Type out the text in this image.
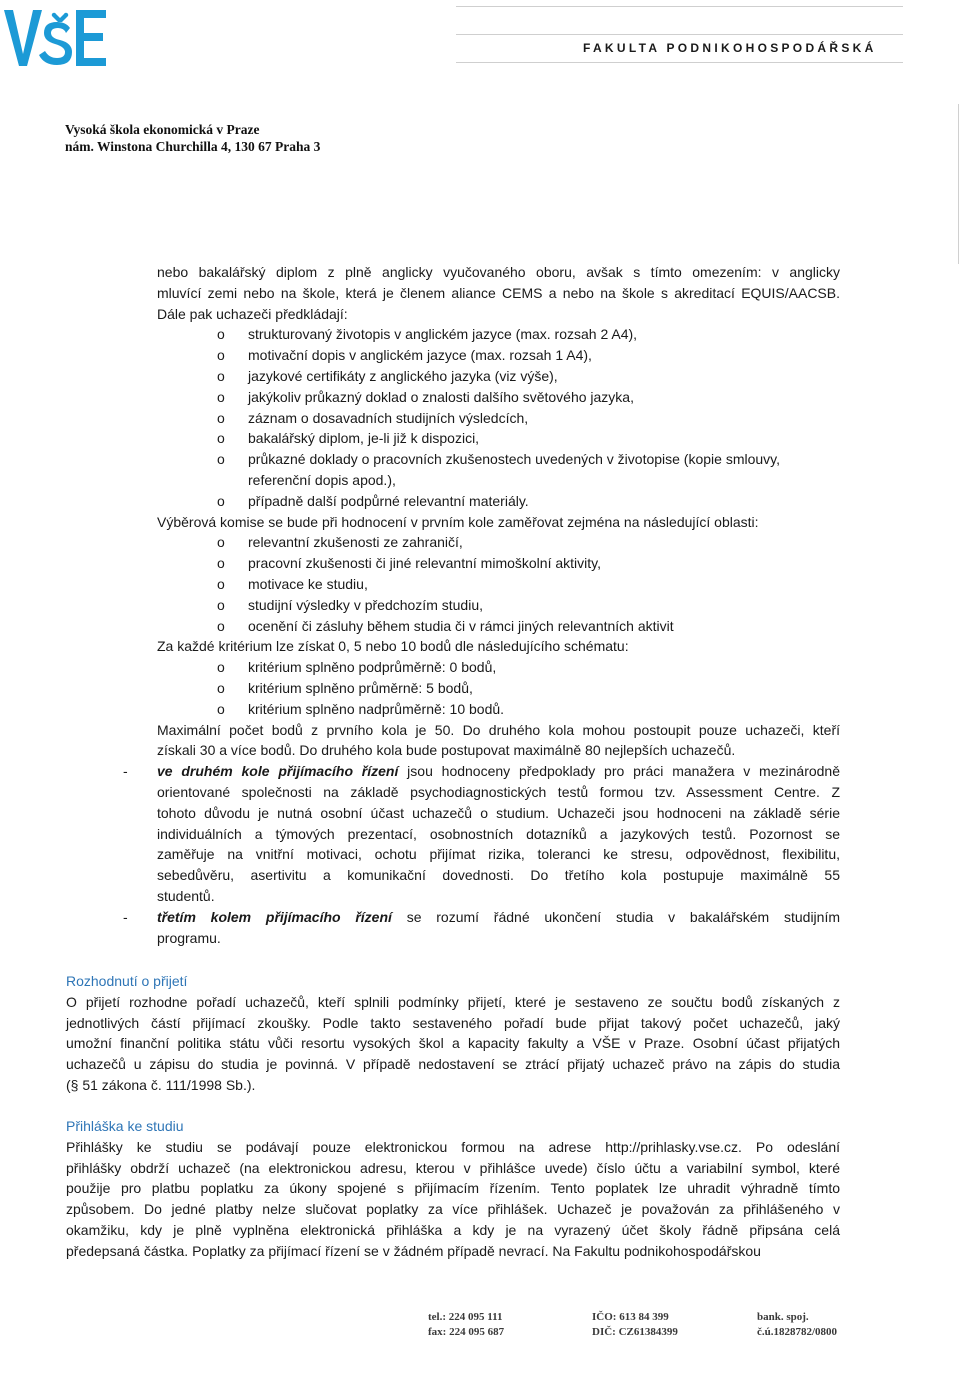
FAKULTA PODNIKOHOSPODÁŘSKÁ
Vysoká škola ekonomická v Praze
nám. Winstona Churchilla 4, 130 67 Praha 3
nebo bakalářský diplom z plně anglicky vyučovaného oboru, avšak s tímto omezením: v anglicky
mluvící zemi nebo na škole, která je členem aliance CEMS a nebo na škole s akreditací EQUIS/AACSB.
Dále pak uchazeči předkládají:
o strukturovaný životopis v anglickém jazyce (max. rozsah 2 A4),
o motivační dopis v anglickém jazyce (max. rozsah 1 A4),
o jazykové certifikáty z anglického jazyka (viz výše),
o jakýkoliv průkazný doklad o znalosti dalšího světového jazyka,
o záznam o dosavadních studijních výsledcích,
o bakalářský diplom, je-li již k dispozici,
o průkazné doklady o pracovních zkušenostech uvedených v životopise (kopie smlouvy,
referenční dopis apod.),
o případně další podpůrné relevantní materiály.
Výběrová komise se bude při hodnocení v prvním kole zaměřovat zejména na následující oblasti:
o relevantní zkušenosti ze zahraničí,
o pracovní zkušenosti či jiné relevantní mimoškolní aktivity,
o motivace ke studiu,
o studijní výsledky v předchozím studiu,
o ocenění či zásluhy během studia či v rámci jiných relevantních aktivit
Za každé kritérium lze získat 0, 5 nebo 10 bodů dle následujícího schématu:
o kritérium splněno podprůměrně: 0 bodů,
o kritérium splněno průměrně: 5 bodů,
o kritérium splněno nadprůměrně: 10 bodů.
Maximální počet bodů z prvního kola je 50. Do druhého kola mohou postoupit pouze uchazeči, kteří
získali 30 a více bodů. Do druhého kola bude postupovat maximálně 80 nejlepších uchazečů.
- ve druhém kole přijímacího řízení jsou hodnoceny předpoklady pro práci manažera v mezinárodně
orientované společnosti na základě psychodiagnostických testů formou tzv. Assessment Centre. Z
tohoto důvodu je nutná osobní účast uchazečů o studium. Uchazeči jsou hodnoceni na základě série
individuálních a týmových prezentací, osobnostních dotazníků a jazykových testů. Pozornost se
zaměřuje na vnitřní motivaci, ochotu přijímat rizika, toleranci ke stresu, odpovědnost, flexibilitu,
sebedůvěru, asertivitu a komunikační dovednosti. Do třetího kola postupuje maximálně 55
studentů.
- třetím kolem přijímacího řízení se rozumí řádné ukončení studia v bakalářském studijním
programu.
Rozhodnutí o přijetí
O přijetí rozhodne pořadí uchazečů, kteří splnili podmínky přijetí, které je sestaveno ze součtu bodů získaných z
jednotlivých částí přijímací zkoušky. Podle takto sestaveného pořadí bude přijat takový počet uchazečů, jaký
umožní finanční politika státu vůči resortu vysokých škol a kapacity fakulty a VŠE v Praze. Osobní účast přijatých
uchazečů u zápisu do studia je povinná. V případě nedostavení se ztrácí přijatý uchazeč právo na zápis do studia
(§ 51 zákona č. 111/1998 Sb.).
Přihláška ke studiu
Přihlášky ke studiu se podávají pouze elektronickou formou na adrese http://prihlasky.vse.cz. Po odeslání
přihlášky obdrží uchazeč (na elektronickou adresu, kterou v přihlášce uvede) číslo účtu a variabilní symbol, které
použije pro platbu poplatku za úkony spojené s přijímacím řízením. Tento poplatek lze uhradit výhradně tímto
způsobem. Do jedné platby nelze slučovat poplatky za více přihlášek. Uchazeč je považován za přihlášeného v
okamžiku, kdy je plně vyplněna elektronická přihláška a kdy je na vyrazený účet školy řádně připsána celá
předepsaná částka. Poplatky za přijímací řízení se v žádném případě nevrací. Na Fakultu podnikohospodářskou
tel.: 224 095 111
fax: 224 095 687
IČO: 613 84 399
DIČ: CZ61384399
bank. spoj.
č.ú.1828782/0800
